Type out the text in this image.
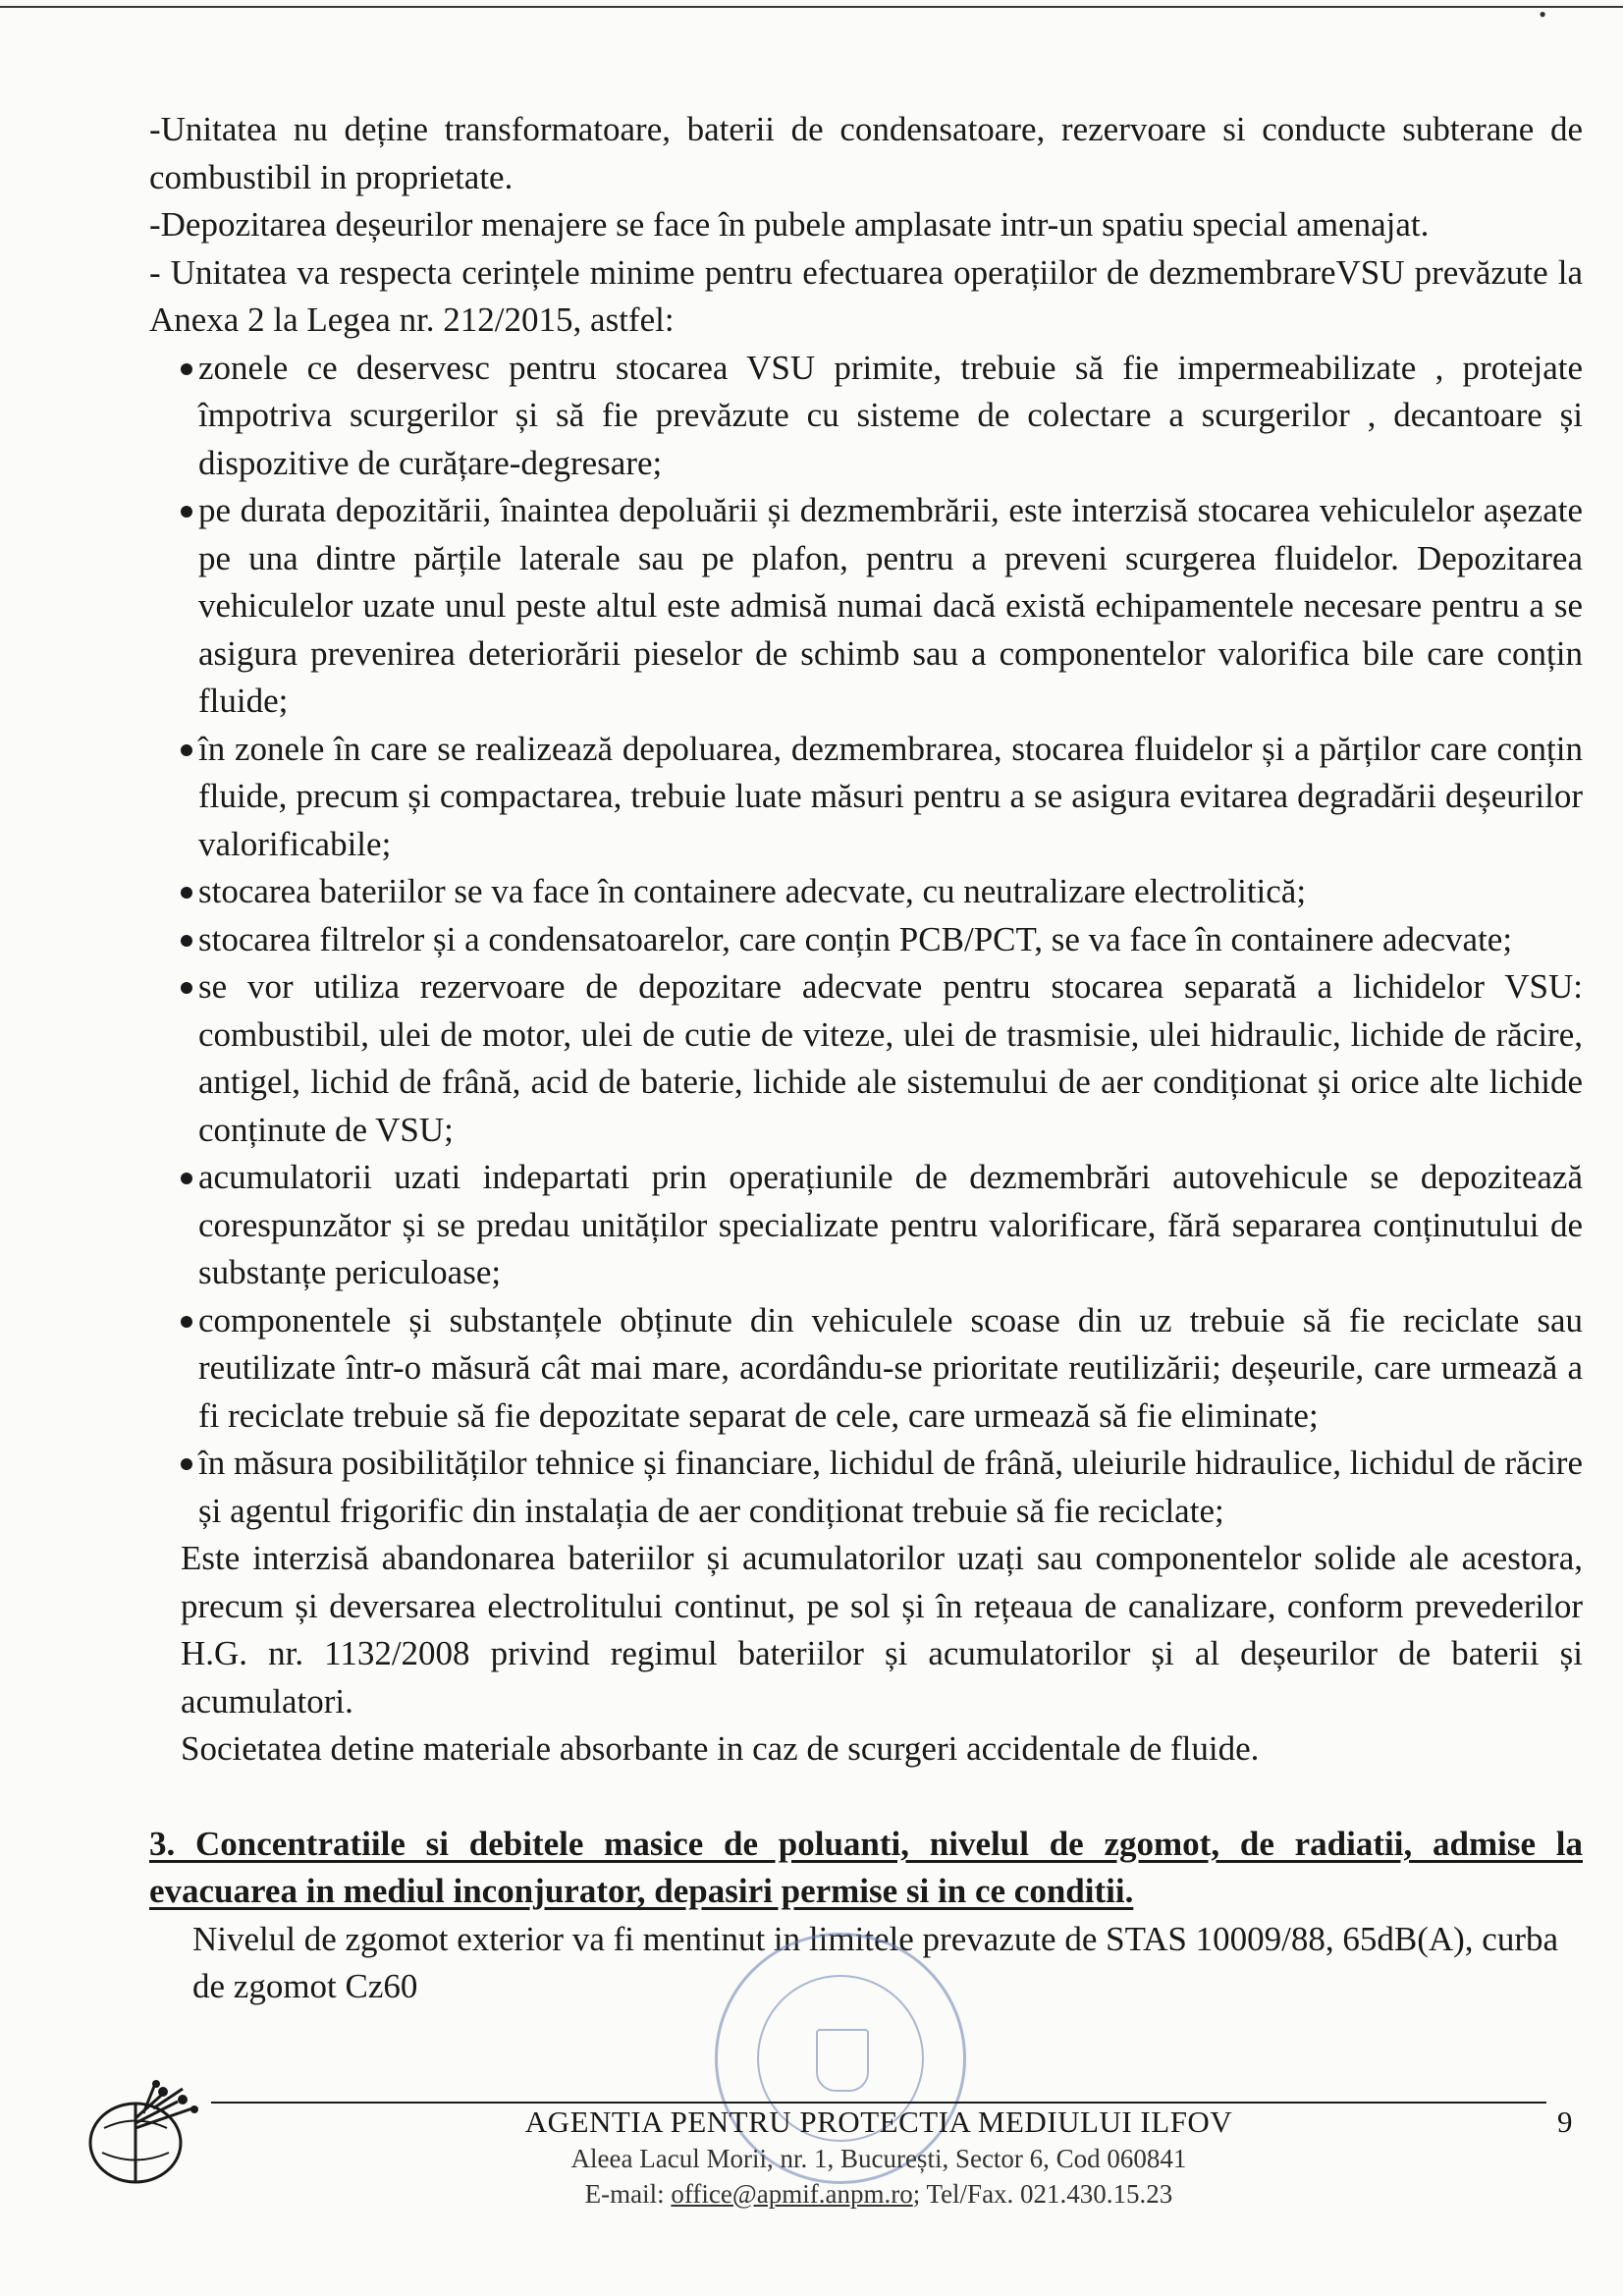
•

-Unitatea nu deține transformatoare, baterii de condensatoare, rezervoare si conducte subterane de combustibil in proprietate.

-Depozitarea deșeurilor menajere se face în pubele amplasate intr-un spatiu special amenajat.

- Unitatea va respecta cerințele minime pentru efectuarea operațiilor de dezmembrareVSU prevăzute la Anexa 2 la Legea nr. 212/2015, astfel:

zonele ce deservesc pentru stocarea VSU primite, trebuie să fie impermeabilizate , protejate împotriva scurgerilor și să fie prevăzute cu sisteme de colectare a scurgerilor , decantoare și dispozitive de curățare-degresare;
pe durata depozitării, înaintea depoluării și dezmembrării, este interzisă stocarea vehiculelor așezate pe una dintre părțile laterale sau pe plafon, pentru a preveni scurgerea fluidelor. Depozitarea vehiculelor uzate unul peste altul este admisă numai dacă există echipamentele necesare pentru a se asigura prevenirea deteriorării pieselor de schimb sau a componentelor valorifica bile care conțin fluide;
în zonele în care se realizează depoluarea, dezmembrarea, stocarea fluidelor și a părților care conțin fluide, precum și compactarea, trebuie luate măsuri pentru a se asigura evitarea degradării deșeurilor valorificabile;
stocarea bateriilor se va face în containere adecvate, cu neutralizare electrolitică;
stocarea filtrelor și a condensatoarelor, care conțin PCB/PCT, se va face în containere adecvate;
se vor utiliza rezervoare de depozitare adecvate pentru stocarea separată a lichidelor VSU: combustibil, ulei de motor, ulei de cutie de viteze, ulei de trasmisie, ulei hidraulic, lichide de răcire, antigel, lichid de frână, acid de baterie, lichide ale sistemului de aer condiționat și orice alte lichide conținute de VSU;
acumulatorii uzati indepartati prin operațiunile de dezmembrări autovehicule se depozitează corespunzător și se predau unităților specializate pentru valorificare, fără separarea conținutului de substanțe periculoase;
componentele și substanțele obținute din vehiculele scoase din uz trebuie să fie reciclate sau reutilizate într-o măsură cât mai mare, acordându-se prioritate reutilizării; deșeurile, care urmează a fi reciclate trebuie să fie depozitate separat de cele, care urmează să fie eliminate;
în măsura posibilităților tehnice și financiare, lichidul de frână, uleiurile hidraulice, lichidul de răcire și agentul frigorific din instalația de aer condiționat trebuie să fie reciclate;

Este interzisă abandonarea bateriilor și acumulatorilor uzați sau componentelor solide ale acestora, precum și deversarea electrolitului continut, pe sol și în rețeaua de canalizare, conform prevederilor H.G. nr. 1132/2008 privind regimul bateriilor și acumulatorilor și al deșeurilor de baterii și acumulatori.

Societatea detine materiale absorbante in caz de scurgeri accidentale de fluide.

3. Concentratiile si debitele masice de poluanti, nivelul de zgomot, de radiatii, admise la evacuarea in mediul inconjurator, depasiri permise si in ce conditii.

Nivelul de zgomot exterior va fi mentinut in limitele prevazute de STAS 10009/88, 65dB(A), curba de zgomot Cz60

AGENTIA PENTRU PROTECTIA MEDIULUI ILFOV
Aleea Lacul Morii, nr. 1, București, Sector 6, Cod 060841
E-mail: office@apmif.anpm.ro; Tel/Fax. 021.430.15.23
9
